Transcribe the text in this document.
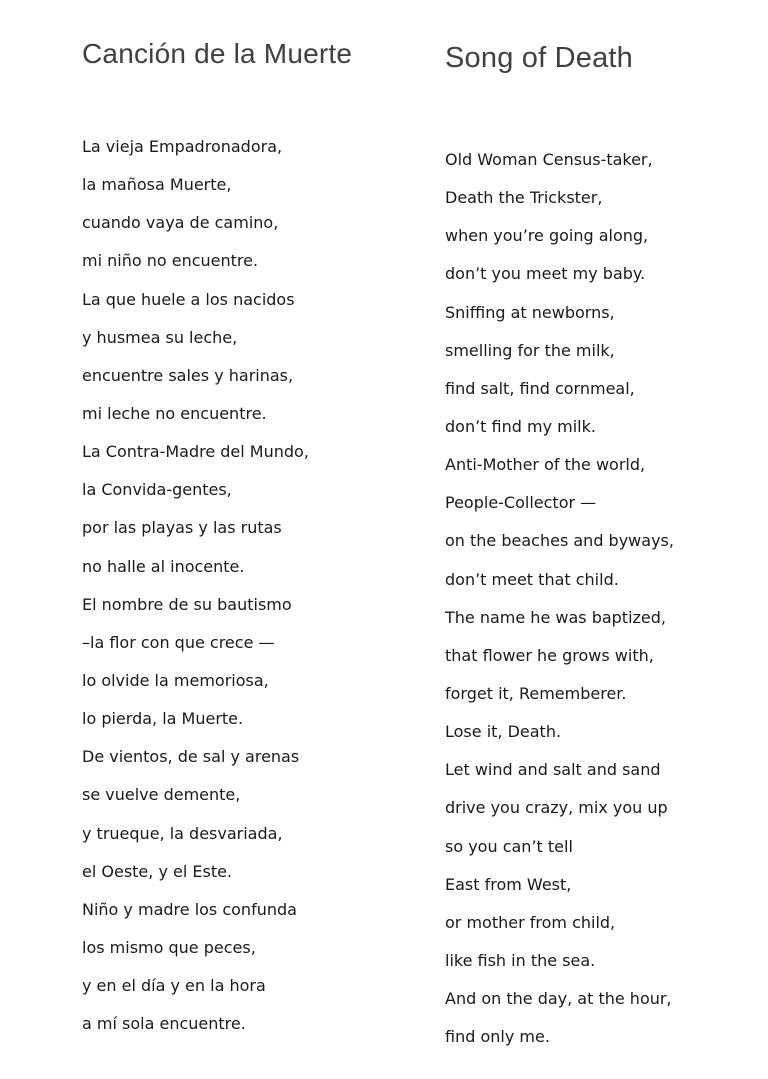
Canción de la Muerte
La vieja Empadronadora,
la mañosa Muerte,
cuando vaya de camino,
mi niño no encuentre.
La que huele a los nacidos
y husmea su leche,
encuentre sales y harinas,
mi leche no encuentre.
La Contra-Madre del Mundo,
la Convida-gentes,
por las playas y las rutas
no halle al inocente.
El nombre de su bautismo
–la flor con que crece —
lo olvide la memoriosa,
lo pierda, la Muerte.
De vientos, de sal y arenas
se vuelve demente,
y trueque, la desvariada,
el Oeste, y el Este.
Niño y madre los confunda
los mismo que peces,
y en el día y en la hora
a mí sola encuentre.
Song of Death
Old Woman Census-taker,
Death the Trickster,
when you’re going along,
don’t you meet my baby.
Sniffing at newborns,
smelling for the milk,
find salt, find cornmeal,
don’t find my milk.
Anti-Mother of the world,
People-Collector —
on the beaches and byways,
don’t meet that child.
The name he was baptized,
that flower he grows with,
forget it, Rememberer.
Lose it, Death.
Let wind and salt and sand
drive you crazy, mix you up
so you can’t tell
East from West,
or mother from child,
like fish in the sea.
And on the day, at the hour,
find only me.
